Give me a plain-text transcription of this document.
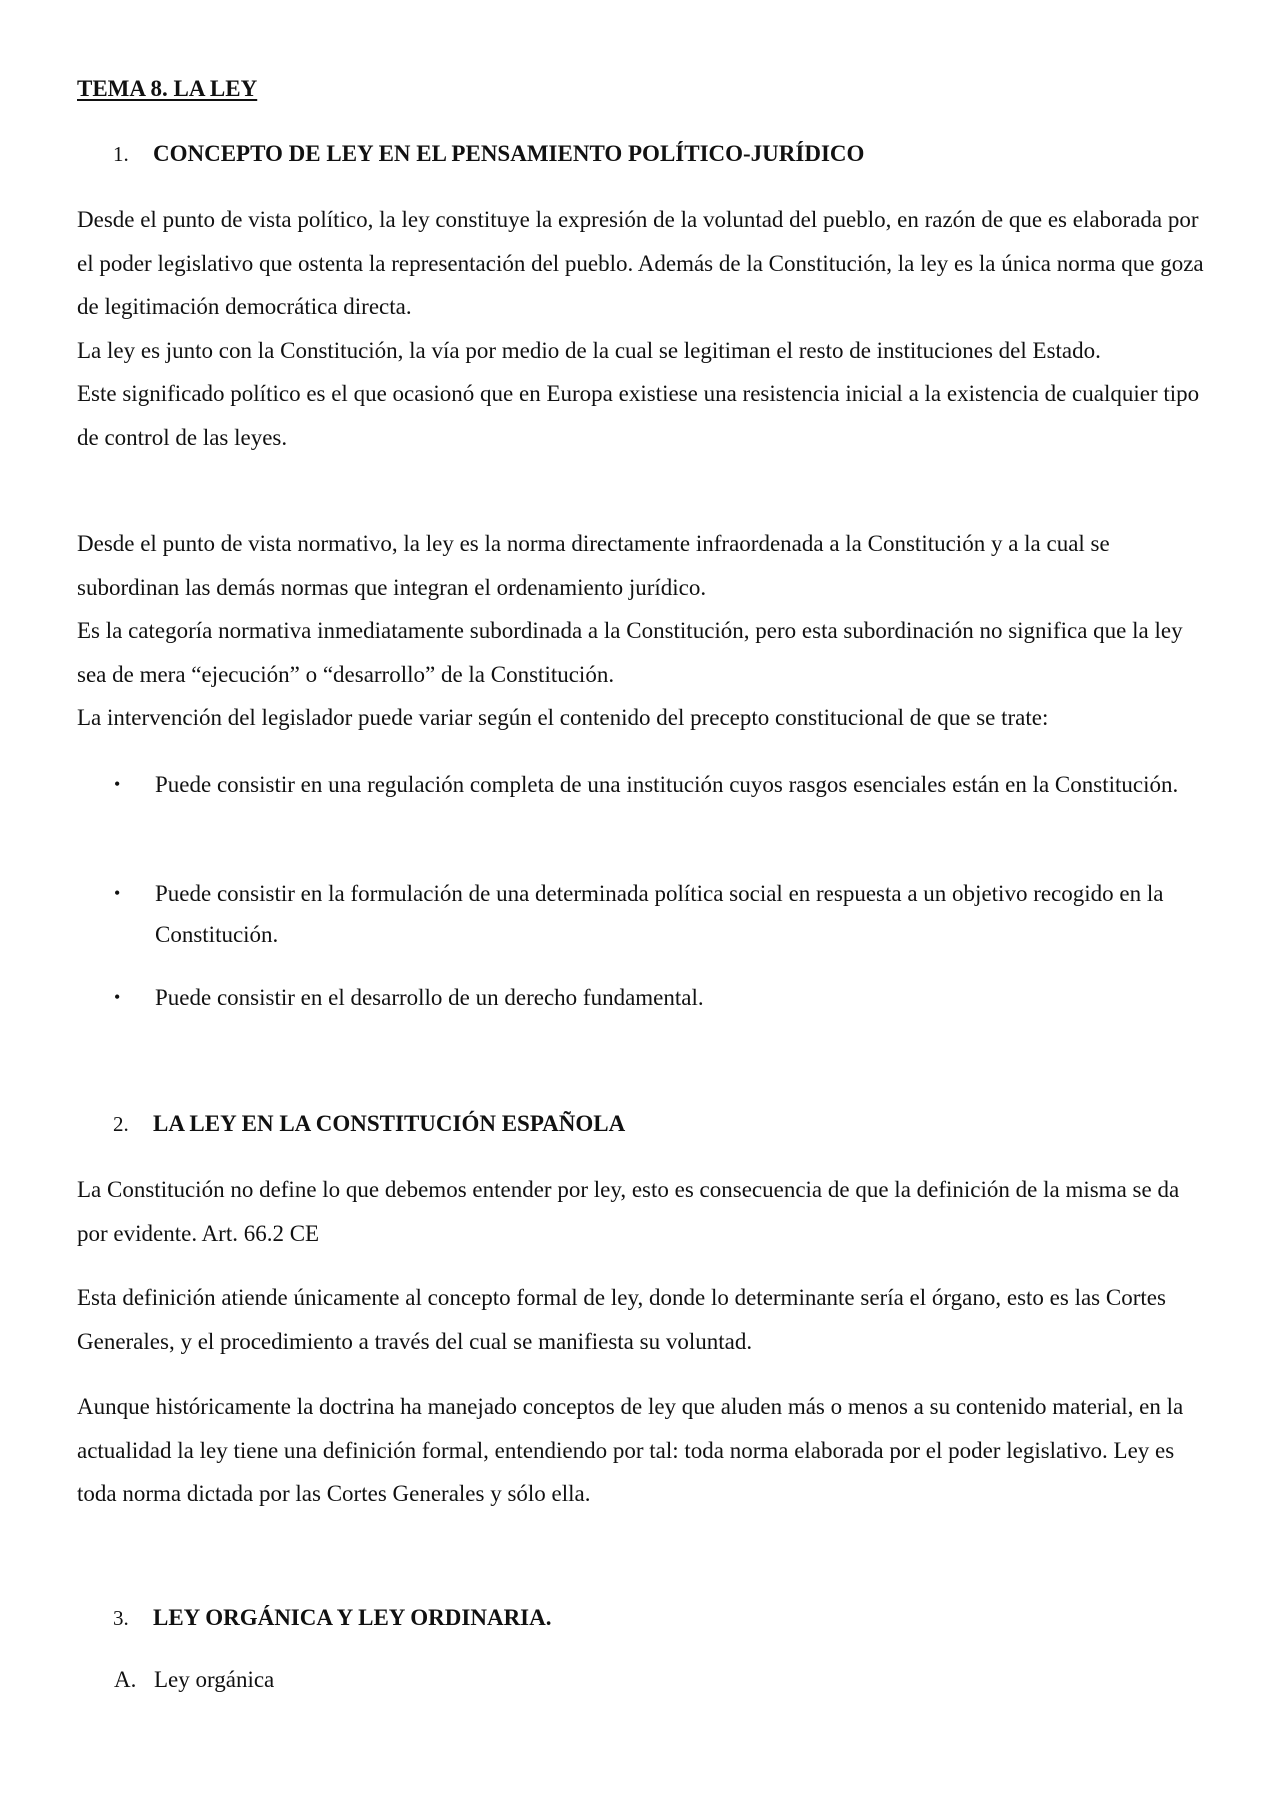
TEMA 8. LA LEY
1. CONCEPTO DE LEY EN EL PENSAMIENTO POLÍTICO-JURÍDICO

Desde el punto de vista político, la ley constituye la expresión de la voluntad del pueblo, en razón de que es elaborada por el poder legislativo que ostenta la representación del pueblo. Además de la Constitución, la ley es la única norma que goza de legitimación democrática directa.

La ley es junto con la Constitución, la vía por medio de la cual se legitiman el resto de instituciones del Estado.

Este significado político es el que ocasionó que en Europa existiese una resistencia inicial a la existencia de cualquier tipo de control de las leyes.

Desde el punto de vista normativo, la ley es la norma directamente infraordenada a la Constitución y a la cual se subordinan las demás normas que integran el ordenamiento jurídico.

Es la categoría normativa inmediatamente subordinada a la Constitución, pero esta subordinación no significa que la ley sea de mera “ejecución” o “desarrollo” de la Constitución.

La intervención del legislador puede variar según el contenido del precepto constitucional de que se trate:

• Puede consistir en una regulación completa de una institución cuyos rasgos esenciales están en la Constitución.
• Puede consistir en la formulación de una determinada política social en respuesta a un objetivo recogido en la Constitución.
• Puede consistir en el desarrollo de un derecho fundamental.
2. LA LEY EN LA CONSTITUCIÓN ESPAÑOLA

La Constitución no define lo que debemos entender por ley, esto es consecuencia de que la definición de la misma se da por evidente. Art. 66.2 CE

Esta definición atiende únicamente al concepto formal de ley, donde lo determinante sería el órgano, esto es las Cortes Generales, y el procedimiento a través del cual se manifiesta su voluntad.

Aunque históricamente la doctrina ha manejado conceptos de ley que aluden más o menos a su contenido material, en la actualidad la ley tiene una definición formal, entendiendo por tal: toda norma elaborada por el poder legislativo. Ley es toda norma dictada por las Cortes Generales y sólo ella.

3. LEY ORGÁNICA Y LEY ORDINARIA.
A. Ley orgánica
